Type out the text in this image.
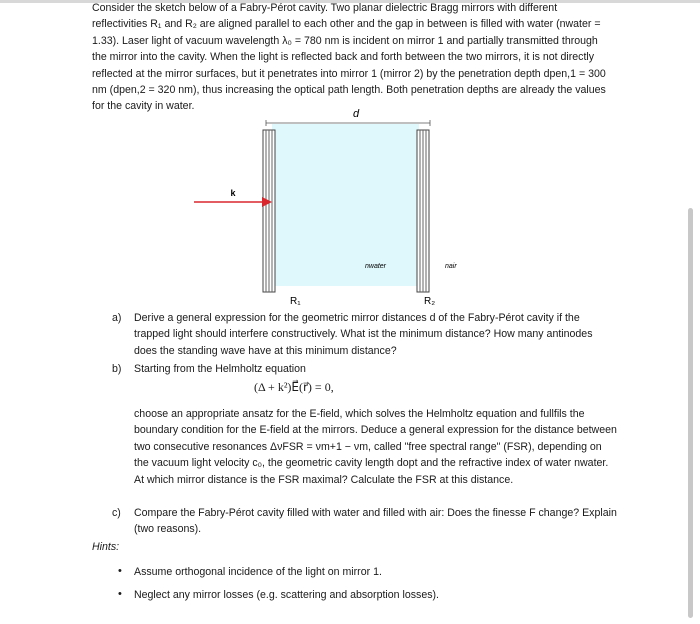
Consider the sketch below of a Fabry-Pérot cavity. Two planar dielectric Bragg mirrors with different reflectivities R₁ and R₂ are aligned parallel to each other and the gap in between is filled with water (nwater = 1.33). Laser light of vacuum wavelength λ₀ = 780 nm is incident on mirror 1 and partially transmitted through the mirror into the cavity. When the light is reflected back and forth between the two mirrors, it is not directly reflected at the mirror surfaces, but it penetrates into mirror 1 (mirror 2) by the penetration depth dpen,1 = 300 nm (dpen,2 = 320 nm), thus increasing the optical path length. Both penetration depths are already the values for the cavity in water.

d
k
nwater	nair
R₁	R₂
a) Derive a general expression for the geometric mirror distances d of the Fabry-Pérot cavity if the trapped light should interfere constructively. What ist the minimum distance? How many antinodes does the standing wave have at this minimum distance?
b) Starting from the Helmholtz equation
(Δ + k²)E⃗(r⃗) = 0,
choose an appropriate ansatz for the E-field, which solves the Helmholtz equation and fullfils the boundary condition for the E-field at the mirrors. Deduce a general expression for the distance between two consecutive resonances ΔνFSR = νm+1 − νm, called "free spectral range" (FSR), depending on the vacuum light velocity c₀, the geometric cavity length dopt and the refractive index of water nwater. At which mirror distance is the FSR maximal? Calculate the FSR at this distance.
c) Compare the Fabry-Pérot cavity filled with water and filled with air: Does the finesse F change? Explain (two reasons).
Hints:
• Assume orthogonal incidence of the light on mirror 1.
• Neglect any mirror losses (e.g. scattering and absorption losses).
